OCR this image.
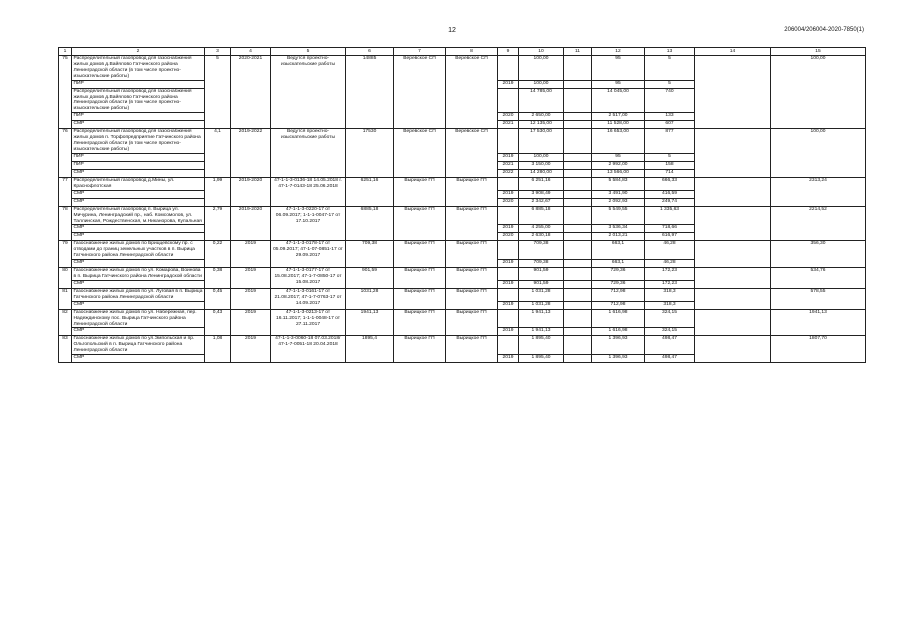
12	206004/206004-2020-7850(1)
1	2	3	4	5	6	7	8	9	10	11	12	13	14	15
75	Распределительный газопровод для газоснабжения жилых домов д.Вайялово Гатчинского района Ленинградской области (в том числе проектно-изыскательские работы)	5	2020-2021	Ведутся проектно-изыскательские работы	14885	Веревское СП	Веревское СП		100,00		95	5		100,00
	ПИР							2019	100,00		95	5		
	Распределительный газопровод для газоснабжения жилых домов д.Вайялово Гатчинского района Ленинградской области (в том числе проектно-изыскательские работы)								14 785,00		14 045,00	740		
	ПИР							2020	2 650,00		2 517,00	133		
	СМР							2021	12 135,00		11 528,00	607		
76	Распределительный газопровод для газоснабжения жилых домов п. Торфопредприятие Гатчинского района Ленинградской области (в том числе проектно-изыскательские работы)	4,1	2019-2022	Ведутся проектно-изыскательские работы	17530	Веревское СП	Веревское СП		17 530,00		16 653,00	877		100,00
	ПИР							2019	100,00		95	5		
	ПИР							2021	3 150,00		2 992,00	158		
	СМР							2022	14 280,00		13 566,00	714		
77	Распределительный газопровод д.Мины, ул. Краснофлотская	1,99	2019-2020	47-1-1-3-0136-18 14.05.2018 г. 47-1-7-0143-18 25.06.2018	6251,16	Вырицкое ГП	Вырицкое ГП		6 251,16		5 584,83	666,33		2313,24
	СМР							2019	3 908,49		3 491,90	416,59		
	СМР							2020	2 342,67		2 092,93	249,74		
78	Распределительный газопровод п. Вырица ул. Мичурина, Ленинградский пр., наб. Комсомолов, ул. Таллинская, Рождественская, м.Никанорова, Купальная	2,79	2019-2020	47-1-1-3-0220-17 от 06.09.2017; 1-1-1-0047-17 от 17.10.2017	6885,18	Вырицкое ГП	Вырицкое ГП		6 885,18		5 549,55	1 335,63		2214,52
	СМР							2019	4 255,00		3 536,34	718,66		
	СМР							2020	2 630,18		2 013,21	616,97		
79	Газоснабжение жилых домов по Бриццевскому пр. с отводами до границ земельных участков в п. Вырица Гатчинского района Ленинградской области	0,22	2019	47-1-1-3-0178-17 от 05.09.2017; 47-1-07-0851-17 от 29.09.2017	709,38	Вырицкое ГП	Вырицкое ГП		709,38		663,1	46,28		356,30
	СМР							2019	709,38		663,1	46,28		
80	Газоснабжение жилых домов по ул. Комарова, Воинова в п. Вырица Гатчинского района Ленинградской области	0,38	2019	47-1-1-3-0177-17 от 15.08.2017; 47-1-7-0850-17 от 15.08.2017	901,59	Вырицкое ГП	Вырицкое ГП		901,59		729,36	172,23		534,76
	СМР							2019	901,59		729,36	172,23		
81	Газоснабжение жилых домов по ул. Луговая в п. Вырица Гатчинского района Ленинградской области	0,45	2019	47-1-1-3-0161-17 от 21.08.2017; 47-1-7-0763-17 от 14.09.2017	1031,28	Вырицкое ГП	Вырицкое ГП		1 031,28		712,98	318,3		578,55
	СМР							2019	1 031,28		712,98	318,3		
82	Газоснабжение жилых домов по ул. Набережная, пер. Надеждинскому пос. Вырица Гатчинского района Ленинградской области	0,43	2019	47-1-1-3-0213-17 от 16.11.2017; 1-1-1-0048-17 от 27.11.2017	1941,13	Вырицкое ГП	Вырицкое ГП		1 941,13		1 616,98	324,15		1941,13
	СМР							2019	1 941,13		1 616,98	324,15		
83	Газоснабжение жилых домов по ул.Эмпольская и пр. Ольгопольский в п. Вырица Гатчинского района Ленинградской области	1,08	2019	47-1-1-3-0060-18 07.03.2018г 47-1-7-0051-18 20.04.2018	1895,4	Вырицкое ГП	Вырицкое ГП		1 895,40		1 396,93	498,47		1807,70
	СМР							2019	1 895,40		1 396,93	498,47		
